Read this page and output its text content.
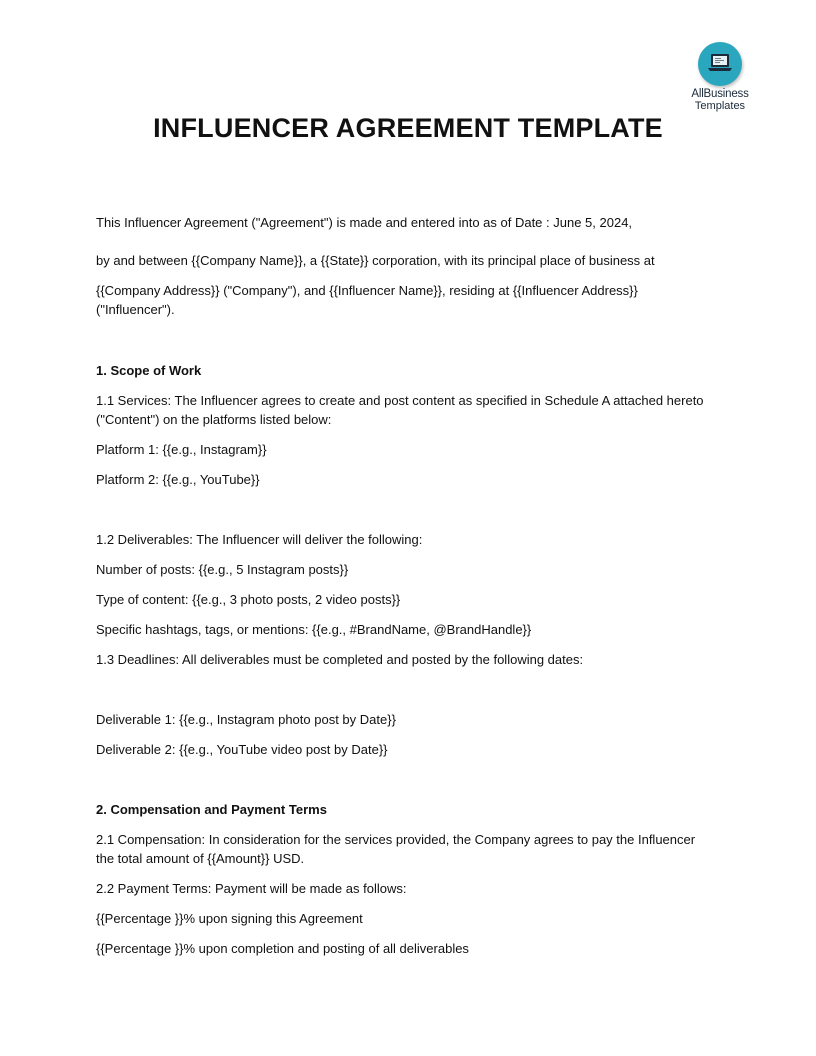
AllBusiness
Templates
INFLUENCER AGREEMENT TEMPLATE

This Influencer Agreement ("Agreement") is made and entered into as of Date : June 5, 2024,

by and between {{Company Name}}, a {{State}} corporation, with its principal place of business at

{{Company Address}} ("Company"), and {{Influencer Name}}, residing at {{Influencer Address}}

("Influencer").

1. Scope of Work

1.1 Services: The Influencer agrees to create and post content as specified in Schedule A attached hereto

("Content") on the platforms listed below:

Platform 1: {{e.g., Instagram}}

Platform 2: {{e.g., YouTube}}

1.2 Deliverables: The Influencer will deliver the following:

Number of posts: {{e.g., 5 Instagram posts}}

Type of content: {{e.g., 3 photo posts, 2 video posts}}

Specific hashtags, tags, or mentions: {{e.g., #BrandName, @BrandHandle}}

1.3 Deadlines: All deliverables must be completed and posted by the following dates:

Deliverable 1: {{e.g., Instagram photo post by Date}}

Deliverable 2: {{e.g., YouTube video post by Date}}

2. Compensation and Payment Terms

2.1 Compensation: In consideration for the services provided, the Company agrees to pay the Influencer

the total amount of {{Amount}} USD.

2.2 Payment Terms: Payment will be made as follows:

{{Percentage }}% upon signing this Agreement

{{Percentage }}% upon completion and posting of all deliverables
